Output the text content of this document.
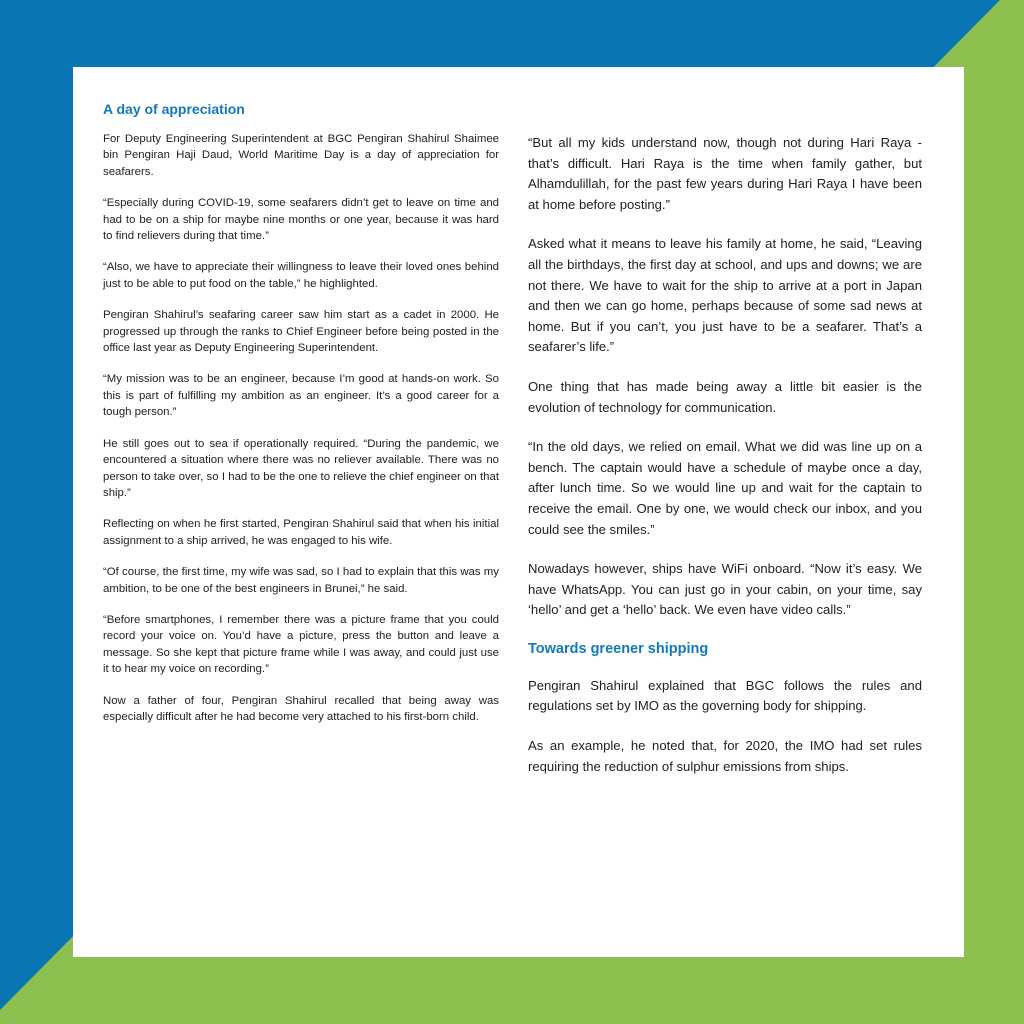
A day of appreciation

For Deputy Engineering Superintendent at BGC Pengiran Shahirul Shaimee bin Pengiran Haji Daud, World Maritime Day is a day of appreciation for seafarers.

“Especially during COVID-19, some seafarers didn’t get to leave on time and had to be on a ship for maybe nine months or one year, because it was hard to find relievers during that time.”

“Also, we have to appreciate their willingness to leave their loved ones behind just to be able to put food on the table,” he highlighted.

Pengiran Shahirul’s seafaring career saw him start as a cadet in 2000. He progressed up through the ranks to Chief Engineer before being posted in the office last year as Deputy Engineering Superintendent.

“My mission was to be an engineer, because I’m good at hands-on work. So this is part of fulfilling my ambition as an engineer. It’s a good career for a tough person.”

He still goes out to sea if operationally required. “During the pandemic, we encountered a situation where there was no reliever available. There was no person to take over, so I had to be the one to relieve the chief engineer on that ship.”

Reflecting on when he first started, Pengiran Shahirul said that when his initial assignment to a ship arrived, he was engaged to his wife.

“Of course, the first time, my wife was sad, so I had to explain that this was my ambition, to be one of the best engineers in Brunei,” he said.

“Before smartphones, I remember there was a picture frame that you could record your voice on. You’d have a picture, press the button and leave a message. So she kept that picture frame while I was away, and could just use it to hear my voice on recording.”

Now a father of four, Pengiran Shahirul recalled that being away was especially difficult after he had become very attached to his first-born child.

“But all my kids understand now, though not during Hari Raya - that’s difficult. Hari Raya is the time when family gather, but Alhamdulillah, for the past few years during Hari Raya I have been at home before posting.”

Asked what it means to leave his family at home, he said, “Leaving all the birthdays, the first day at school, and ups and downs; we are not there. We have to wait for the ship to arrive at a port in Japan and then we can go home, perhaps because of some sad news at home. But if you can’t, you just have to be a seafarer. That’s a seafarer’s life.”

One thing that has made being away a little bit easier is the evolution of technology for communication.

“In the old days, we relied on email. What we did was line up on a bench. The captain would have a schedule of maybe once a day, after lunch time. So we would line up and wait for the captain to receive the email. One by one, we would check our inbox, and you could see the smiles.”

Nowadays however, ships have WiFi onboard. “Now it’s easy. We have WhatsApp. You can just go in your cabin, on your time, say ‘hello’ and get a ‘hello’ back. We even have video calls.”

Towards greener shipping

Pengiran Shahirul explained that BGC follows the rules and regulations set by IMO as the governing body for shipping.

As an example, he noted that, for 2020, the IMO had set rules requiring the reduction of sulphur emissions from ships.
